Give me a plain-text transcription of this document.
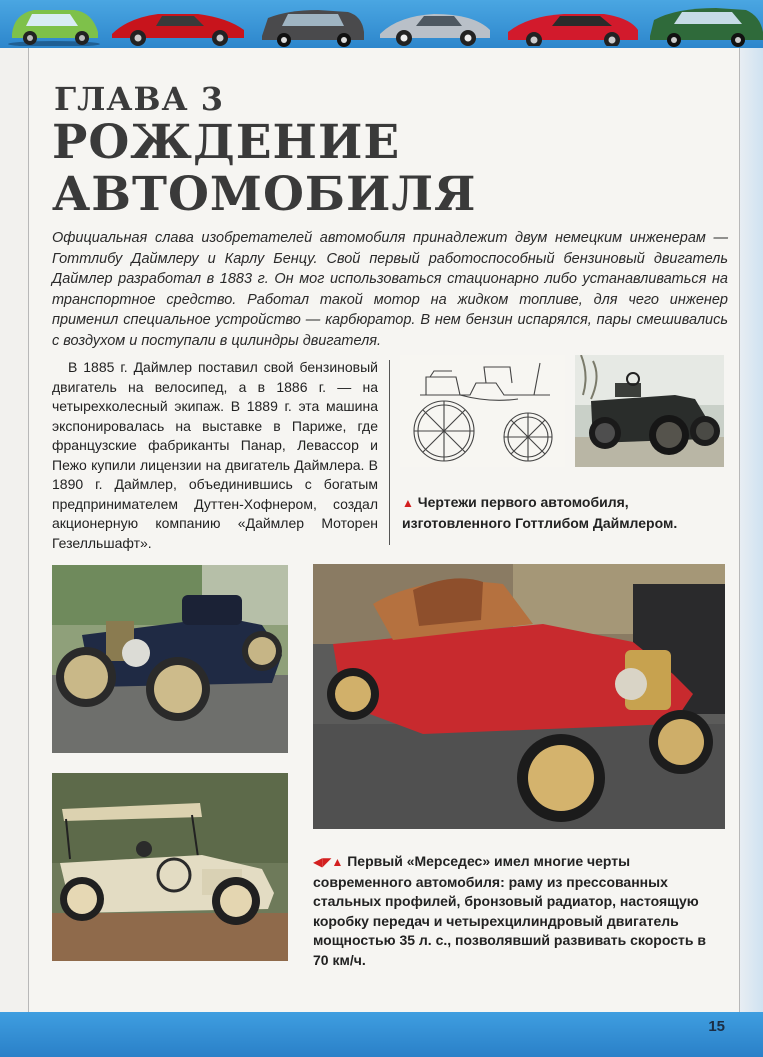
ГЛАВА 3
РОЖДЕНИЕ АВТОМОБИЛЯ

Официальная слава изобретателей автомобиля принадлежит двум немецким инженерам — Готтлибу Даймлеру и Карлу Бенцу. Свой первый работоспособный бензиновый двигатель Даймлер разработал в 1883 г. Он мог использоваться стационарно либо устанавливаться на транспортное средство. Работал такой мотор на жидком топливе, для чего инженер применил специальное устройство — карбюратор. В нем бензин испарялся, пары смешивались с воздухом и поступали в цилиндры двигателя.

В 1885 г. Даймлер поставил свой бензиновый двигатель на велосипед, а в 1886 г. — на четырехколесный экипаж. В 1889 г. эта машина экспонировалась на выставке в Париже, где французские фабриканты Панар, Левассор и Пежо купили лицензии на двигатель Даймлера. В 1890 г. Даймлер, объединившись с богатым предпринимателем Дуттен-Хофнером, создал акционерную компанию «Даймлер Моторен Гезелльшафт».

▲ Чертежи первого автомобиля, изготовленного Готтлибом Даймлером.
◀◤▲ Первый «Мерседес» имел многие черты современного автомобиля: раму из прессованных стальных профилей, бронзовый радиатор, настоящую коробку передач и четырехцилиндровый двигатель мощностью 35 л. с., позволявший развивать скорость в 70 км/ч.
15
